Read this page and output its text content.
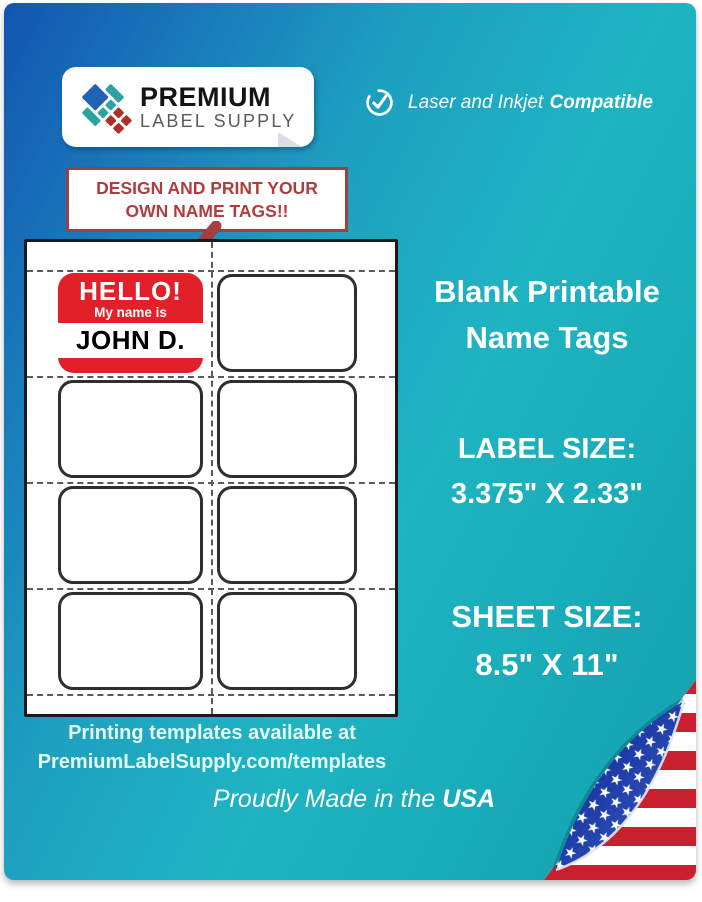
PREMIUM
LABEL SUPPLY
Laser and Inkjet Compatible
DESIGN AND PRINT YOUR
OWN NAME TAGS!!
HELLO!
My name is
JOHN D.
Blank Printable
Name Tags
LABEL SIZE:
3.375" X 2.33"
SHEET SIZE:
8.5" X 11"
Printing templates available at
PremiumLabelSupply.com/templates
Proudly Made in the USA
